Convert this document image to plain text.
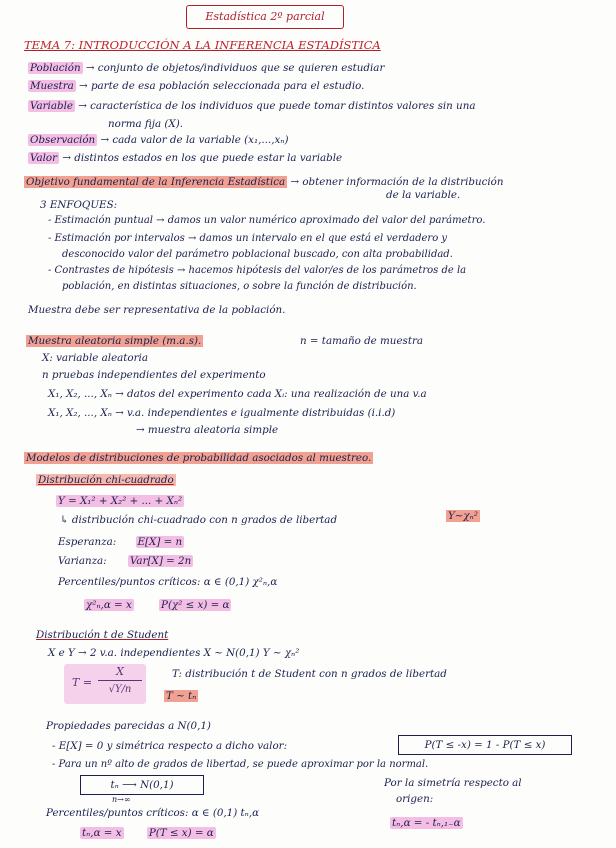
Estadística 2º parcial
TEMA 7: INTRODUCCIÓN A LA INFERENCIA ESTADÍSTICA
Población → conjunto de objetos/individuos que se quieren estudiar
Muestra → parte de esa población seleccionada para el estudio.
Variable → característica de los individuos que puede tomar distintos valores sin una
norma fija (X).
Observación → cada valor de la variable (x₁,...,xₙ)
Valor → distintos estados en los que puede estar la variable
Objetivo fundamental de la Inferencia Estadística → obtener información de la distribución
de la variable.
3 ENFOQUES:
- Estimación puntual → damos un valor numérico aproximado del valor del parámetro.
- Estimación por intervalos → damos un intervalo en el que está el verdadero y
desconocido valor del parámetro poblacional buscado, con alta probabilidad.
- Contrastes de hipótesis → hacemos hipótesis del valor/es de los parámetros de la
población, en distintas situaciones, o sobre la función de distribución.
Muestra debe ser representativa de la población.
Muestra aleatoria simple (m.a.s).	n = tamaño de muestra
X: variable aleatoria
n pruebas independientes del experimento
X₁, X₂, ..., Xₙ → datos del experimento cada Xᵢ: una realización de una v.a
X₁, X₂, ..., Xₙ → v.a. independientes e igualmente distribuidas (i.i.d)
→ muestra aleatoria simple
Modelos de distribuciones de probabilidad asociados al muestreo.
Distribución chi-cuadrado
Y = X₁² + X₂² + ... + Xₙ²
↳ distribución chi-cuadrado con n grados de libertad	Y~χₙ²
Esperanza: E[X] = n
Varianza: Var[X] = 2n
Percentiles/puntos críticos: α ∈ (0,1) χ²ₙ,α
χ²ₙ,α = x	P(χ² ≤ x) = α
Distribución t de Student
X e Y → 2 v.a. independientes X ~ N(0,1) Y ~ χₙ²
$T = \frac{X}{√Y/n}$	T: distribución t de Student con n grados de libertad
T ~ tₙ
Propiedades parecidas a N(0,1)
- E[X] = 0 y simétrica respecto a dicho valor:	P(T ≤ -x) = 1 - P(T ≤ x)
- Para un nº alto de grados de libertad, se puede aproximar por la normal.
tₙ ⟶ N(0,1)
n→∞
Por la simetría respecto al
origen:
tₙ,α = - tₙ,₁₋α
Percentiles/puntos críticos: α ∈ (0,1) tₙ,α
tₙ,α = x	P(T ≤ x) = α
